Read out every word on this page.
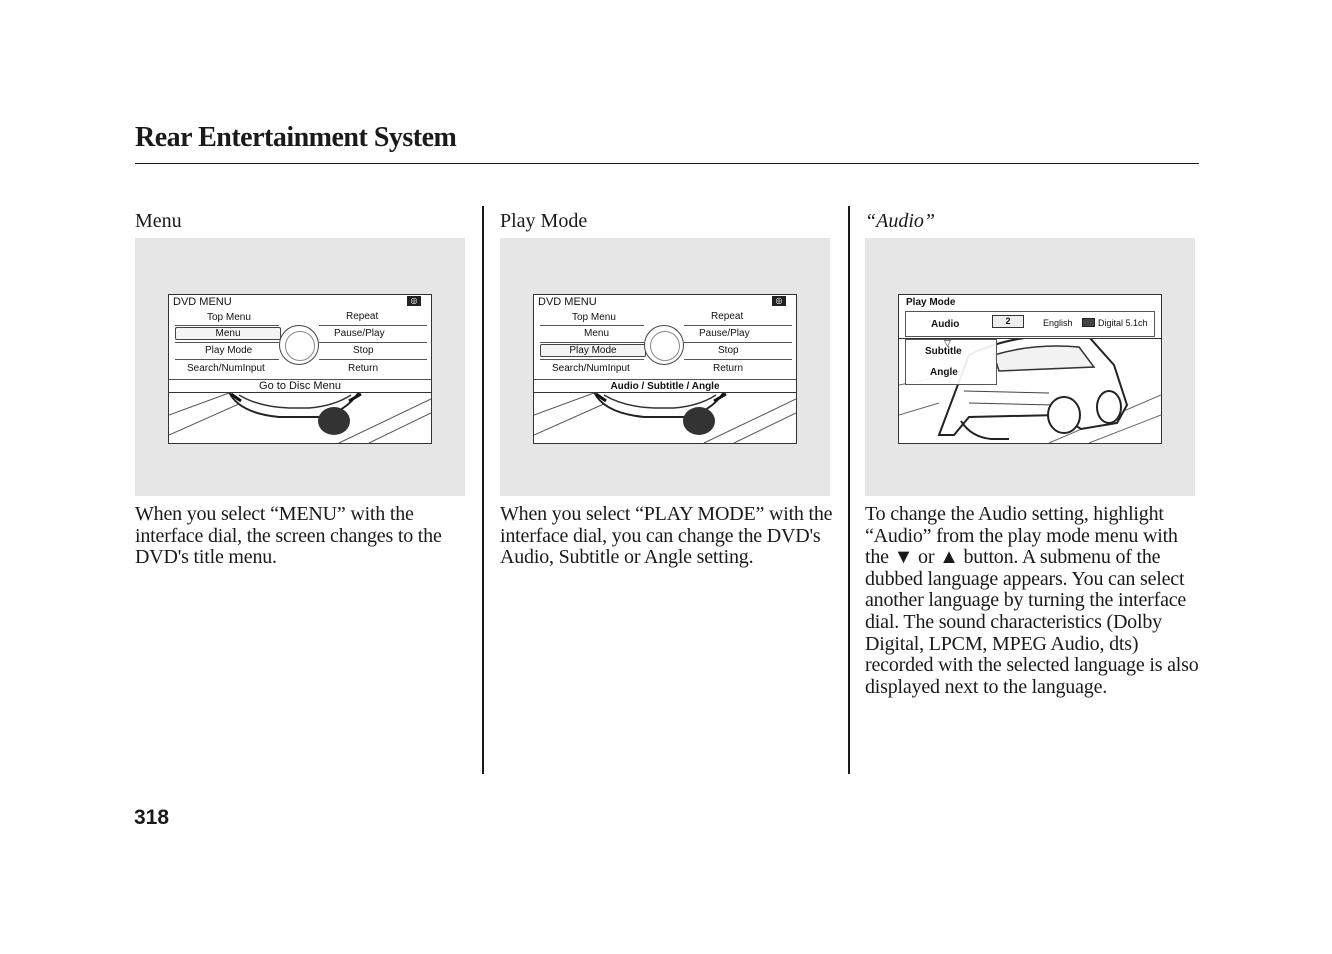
Rear Entertainment System
Menu
DVD MENU	◎
Top Menu
Menu
Play Mode
Search/NumInput
Repeat
Pause/Play
Stop
Return
Go to Disc Menu
When you select “MENU” with the interface dial, the screen changes to the DVD's title menu.
Play Mode
DVD MENU	◎
Top Menu
Menu
Play Mode
Search/NumInput
Repeat
Pause/Play
Stop
Return
Audio / Subtitle / Angle
When you select “PLAY MODE” with the interface dial, you can change the DVD's Audio, Subtitle or Angle setting.
“Audio”
Play Mode
Audio	2	English	Digital 5.1ch
▽
Subtitle
Angle
To change the Audio setting, highlight “Audio” from the play mode menu with the ▼ or ▲ button. A submenu of the dubbed language appears. You can select another language by turning the interface dial. The sound characteristics (Dolby Digital, LPCM, MPEG Audio, dts) recorded with the selected language is also displayed next to the language.

318
